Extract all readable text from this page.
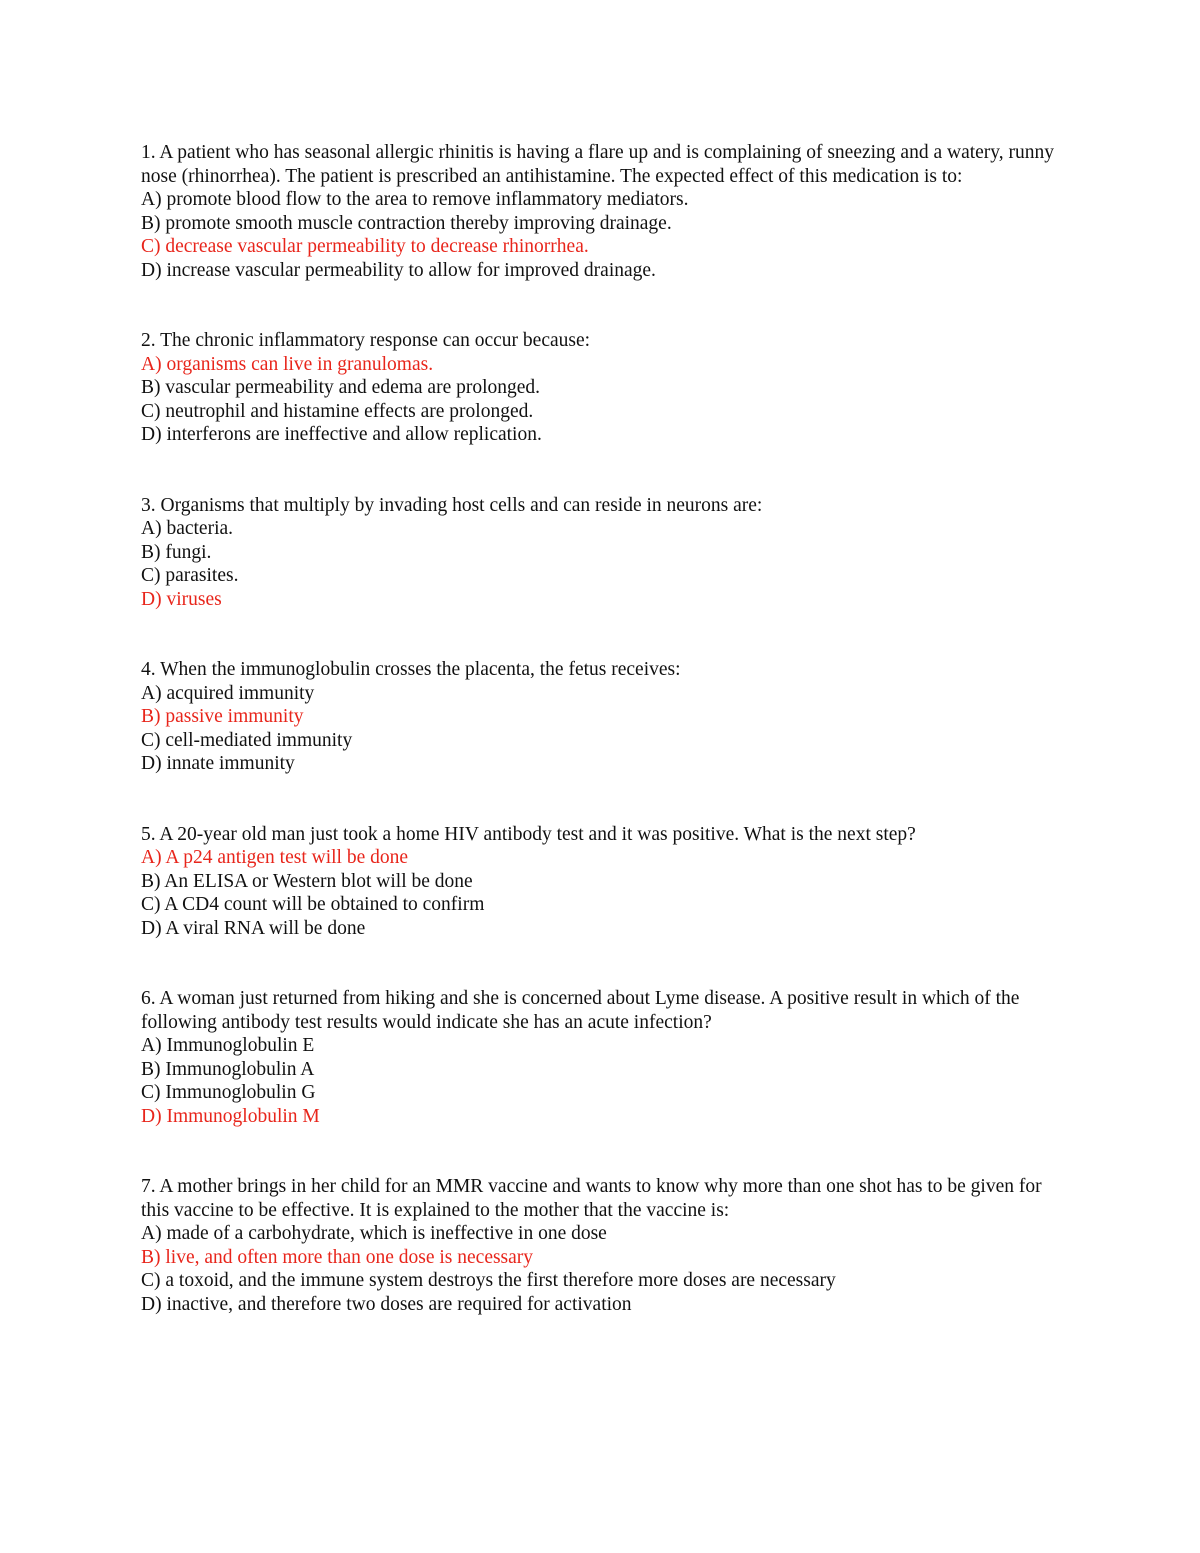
1. A patient who has seasonal allergic rhinitis is having a flare up and is complaining of sneezing and a watery, runny nose (rhinorrhea). The patient is prescribed an antihistamine. The expected effect of this medication is to:

A) promote blood flow to the area to remove inflammatory mediators.
B) promote smooth muscle contraction thereby improving drainage.
C) decrease vascular permeability to decrease rhinorrhea.
D) increase vascular permeability to allow for improved drainage.

2. The chronic inflammatory response can occur because:

A) organisms can live in granulomas.
B) vascular permeability and edema are prolonged.
C) neutrophil and histamine effects are prolonged.
D) interferons are ineffective and allow replication.

3. Organisms that multiply by invading host cells and can reside in neurons are:

A) bacteria.
B) fungi.
C) parasites.
D) viruses

4. When the immunoglobulin crosses the placenta, the fetus receives:

A) acquired immunity
B) passive immunity
C) cell-mediated immunity
D) innate immunity

5. A 20-year old man just took a home HIV antibody test and it was positive. What is the next step?

A) A p24 antigen test will be done
B) An ELISA or Western blot will be done
C) A CD4 count will be obtained to confirm
D) A viral RNA will be done

6. A woman just returned from hiking and she is concerned about Lyme disease. A positive result in which of the following antibody test results would indicate she has an acute infection?

A) Immunoglobulin E
B) Immunoglobulin A
C) Immunoglobulin G
D) Immunoglobulin M

7. A mother brings in her child for an MMR vaccine and wants to know why more than one shot has to be given for this vaccine to be effective. It is explained to the mother that the vaccine is:

A) made of a carbohydrate, which is ineffective in one dose
B) live, and often more than one dose is necessary
C) a toxoid, and the immune system destroys the first therefore more doses are necessary
D) inactive, and therefore two doses are required for activation
